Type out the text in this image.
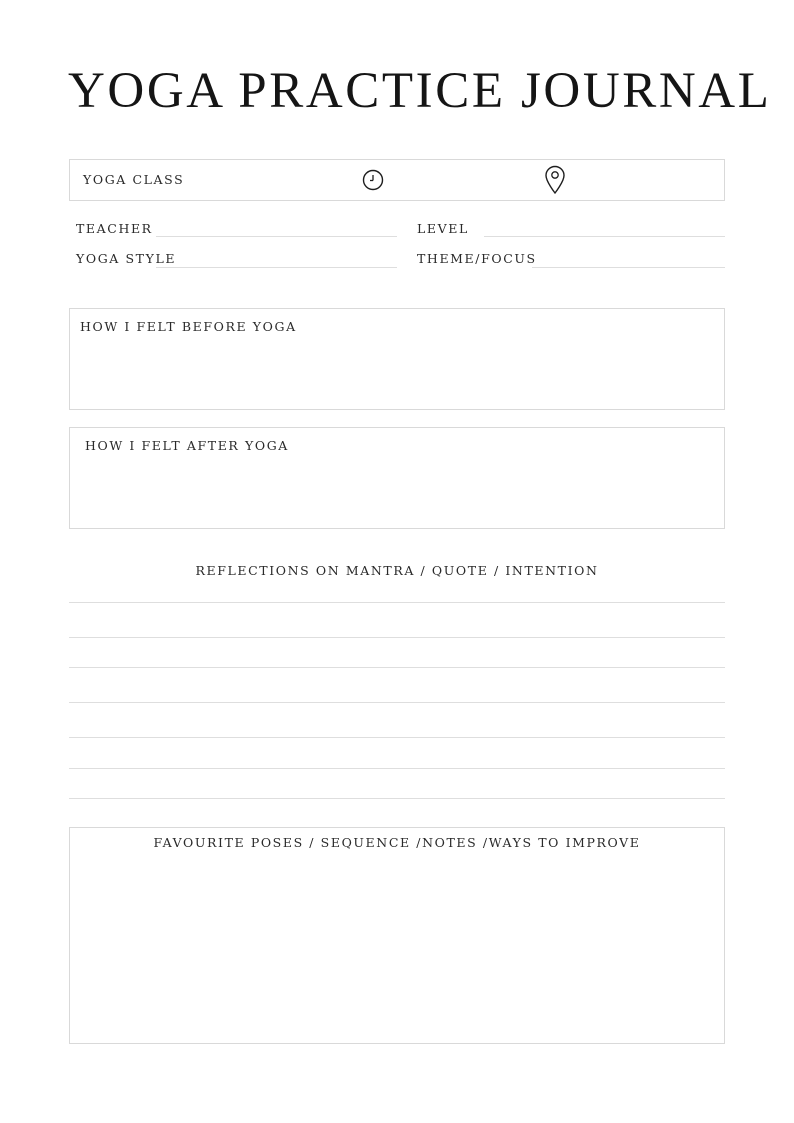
YOGA PRACTICE JOURNAL
YOGA CLASS
TEACHER	LEVEL
YOGA STYLE	THEME/FOCUS
HOW I FELT BEFORE YOGA
HOW I FELT AFTER YOGA
REFLECTIONS ON MANTRA / QUOTE / INTENTION
FAVOURITE POSES / SEQUENCE /NOTES /WAYS TO IMPROVE
